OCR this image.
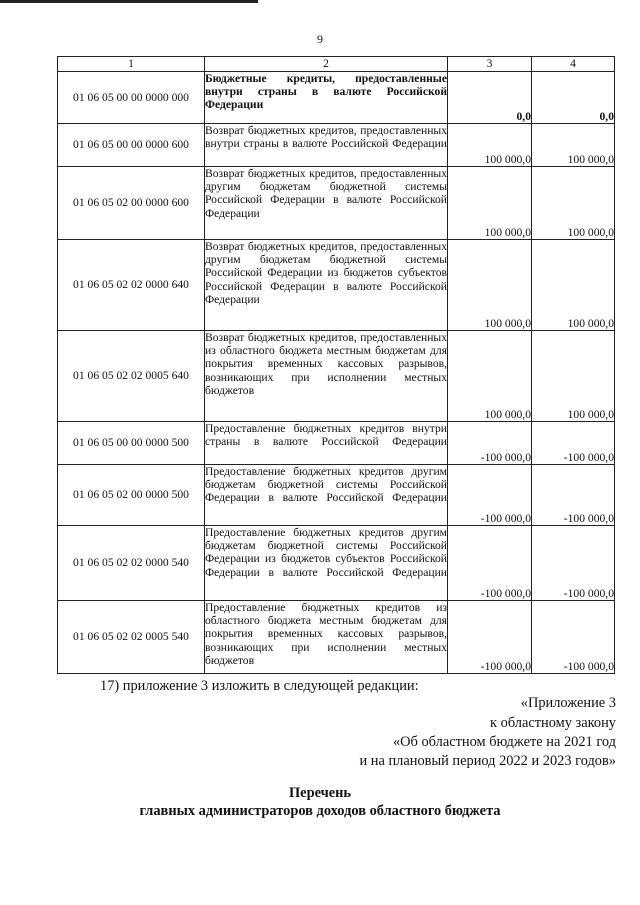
9
1	2	3	4
01 06 05 00 00 0000 000	Бюджетные кредиты, предоставленные внутри страны в валюте Российской Федерации	0,0	0,0
01 06 05 00 00 0000 600	Возврат бюджетных кредитов, предоставленных внутри страны в валюте Российской Федерации	100 000,0	100 000,0
01 06 05 02 00 0000 600	Возврат бюджетных кредитов, предоставленных другим бюджетам бюджетной системы Российской Федерации в валюте Российской Федерации	100 000,0	100 000,0
01 06 05 02 02 0000 640	Возврат бюджетных кредитов, предоставленных другим бюджетам бюджетной системы Российской Федерации из бюджетов субъектов Российской Федерации в валюте Российской Федерации	100 000,0	100 000,0
01 06 05 02 02 0005 640	Возврат бюджетных кредитов, предоставленных из областного бюджета местным бюджетам для покрытия временных кассовых разрывов, возникающих при исполнении местных бюджетов	100 000,0	100 000,0
01 06 05 00 00 0000 500	Предоставление бюджетных кредитов внутри страны в валюте Российской Федерации	-100 000,0	-100 000,0
01 06 05 02 00 0000 500	Предоставление бюджетных кредитов другим бюджетам бюджетной системы Российской Федерации в валюте Российской Федерации	-100 000,0	-100 000,0
01 06 05 02 02 0000 540	Предоставление бюджетных кредитов другим бюджетам бюджетной системы Российской Федерации из бюджетов субъектов Российской Федерации в валюте Российской Федерации	-100 000,0	-100 000,0
01 06 05 02 02 0005 540	Предоставление бюджетных кредитов из областного бюджета местным бюджетам для покрытия временных кассовых разрывов, возникающих при исполнении местных бюджетов	-100 000,0	-100 000,0
17) приложение 3 изложить в следующей редакции:
«Приложение 3
к областному закону
«Об областном бюджете на 2021 год
и на плановый период 2022 и 2023 годов»
Перечень
главных администраторов доходов областного бюджета
